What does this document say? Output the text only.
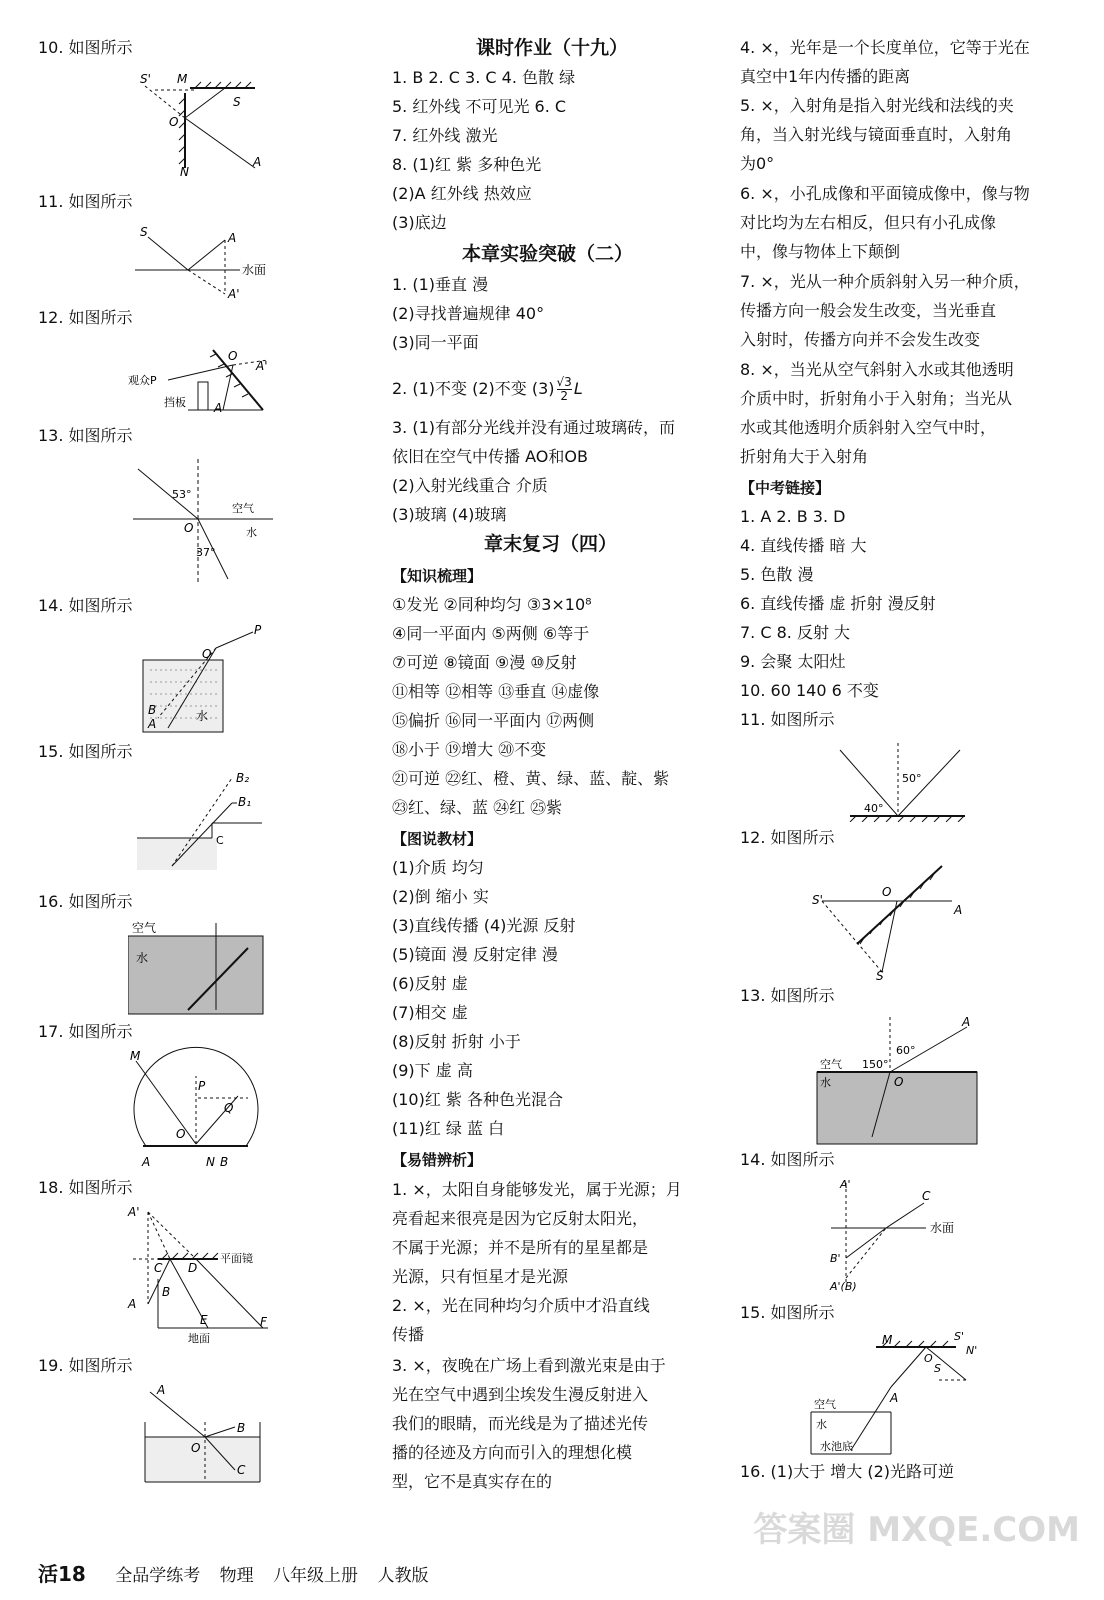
10. 如图所示
11. 如图所示
12. 如图所示
13. 如图所示
14. 如图所示
15. 如图所示
16. 如图所示
17. 如图所示
18. 如图所示
19. 如图所示
S' M
S
O
A
N
S	A
水面
A'
观众P
O
A'
挡板 A
53°
空气
O	水
37°
O
P
B
A
水
B₂
B₁
C
空气
水
M
P
Q
O
A	N B
A'
平面镜
C D
B
A
E
地面
F
A
B
O
C
课时作业（十九）
1. B 2. C 3. C 4. 色散 绿
5. 红外线 不可见光 6. C
7. 红外线 激光
8. (1)红 紫 多种色光
(2)A 红外线 热效应
(3)底边
本章实验突破（二）
1. (1)垂直 漫
(2)寻找普遍规律 40°
(3)同一平面
2. (1)不变 (2)不变 $(3) \frac{√3}{2}$ L
3. (1)有部分光线并没有通过玻璃砖，而
依旧在空气中传播 AO和OB
(2)入射光线重合 介质
(3)玻璃 (4)玻璃
章末复习（四）
【知识梳理】
①发光 ②同种均匀 ③3×10⁸
④同一平面内 ⑤两侧 ⑥等于
⑦可逆 ⑧镜面 ⑨漫 ⑩反射
⑪相等 ⑫相等 ⑬垂直 ⑭虚像
⑮偏折 ⑯同一平面内 ⑰两侧
⑱小于 ⑲增大 ⑳不变
㉑可逆 ㉒红、橙、黄、绿、蓝、靛、紫
㉓红、绿、蓝 ㉔红 ㉕紫
【图说教材】
(1)介质 均匀
(2)倒 缩小 实
(3)直线传播 (4)光源 反射
(5)镜面 漫 反射定律 漫
(6)反射 虚
(7)相交 虚
(8)反射 折射 小于
(9)下 虚 高
(10)红 紫 各种色光混合
(11)红 绿 蓝 白
【易错辨析】
1. ×，太阳自身能够发光，属于光源；月
亮看起来很亮是因为它反射太阳光，
不属于光源；并不是所有的星星都是
光源，只有恒星才是光源
2. ×，光在同种均匀介质中才沿直线
传播
3. ×，夜晚在广场上看到激光束是由于
光在空气中遇到尘埃发生漫反射进入
我们的眼睛，而光线是为了描述光传
播的径迹及方向而引入的理想化模
型，它不是真实存在的
4. ×，光年是一个长度单位，它等于光在
真空中1年内传播的距离
5. ×，入射角是指入射光线和法线的夹
角，当入射光线与镜面垂直时，入射角
为0°
6. ×，小孔成像和平面镜成像中，像与物
对比均为左右相反，但只有小孔成像
中，像与物体上下颠倒
7. ×，光从一种介质斜射入另一种介质，
传播方向一般会发生改变，当光垂直
入射时，传播方向并不会发生改变
8. ×，当光从空气斜射入水或其他透明
介质中时，折射角小于入射角；当光从
水或其他透明介质斜射入空气中时，
折射角大于入射角
【中考链接】
1. A 2. B 3. D
4. 直线传播 暗 大
5. 色散 漫
6. 直线传播 虚 折射 漫反射
7. C 8. 反射 大
9. 会聚 太阳灶
10. 60 140 6 不变
11. 如图所示
12. 如图所示
13. 如图所示
14. 如图所示
15. 如图所示
50°
40°
S'
O
A
S
A
60°
空气 150°
水	O
A'
C
水面
B'
A'(B)
M	S'
N'
O
S
空气	A
水
水池底
16. (1)大于 增大 (2)光路可逆
活18 全品学练考 物理 八年级上册 人教版
答案圈 MXQE.COM
